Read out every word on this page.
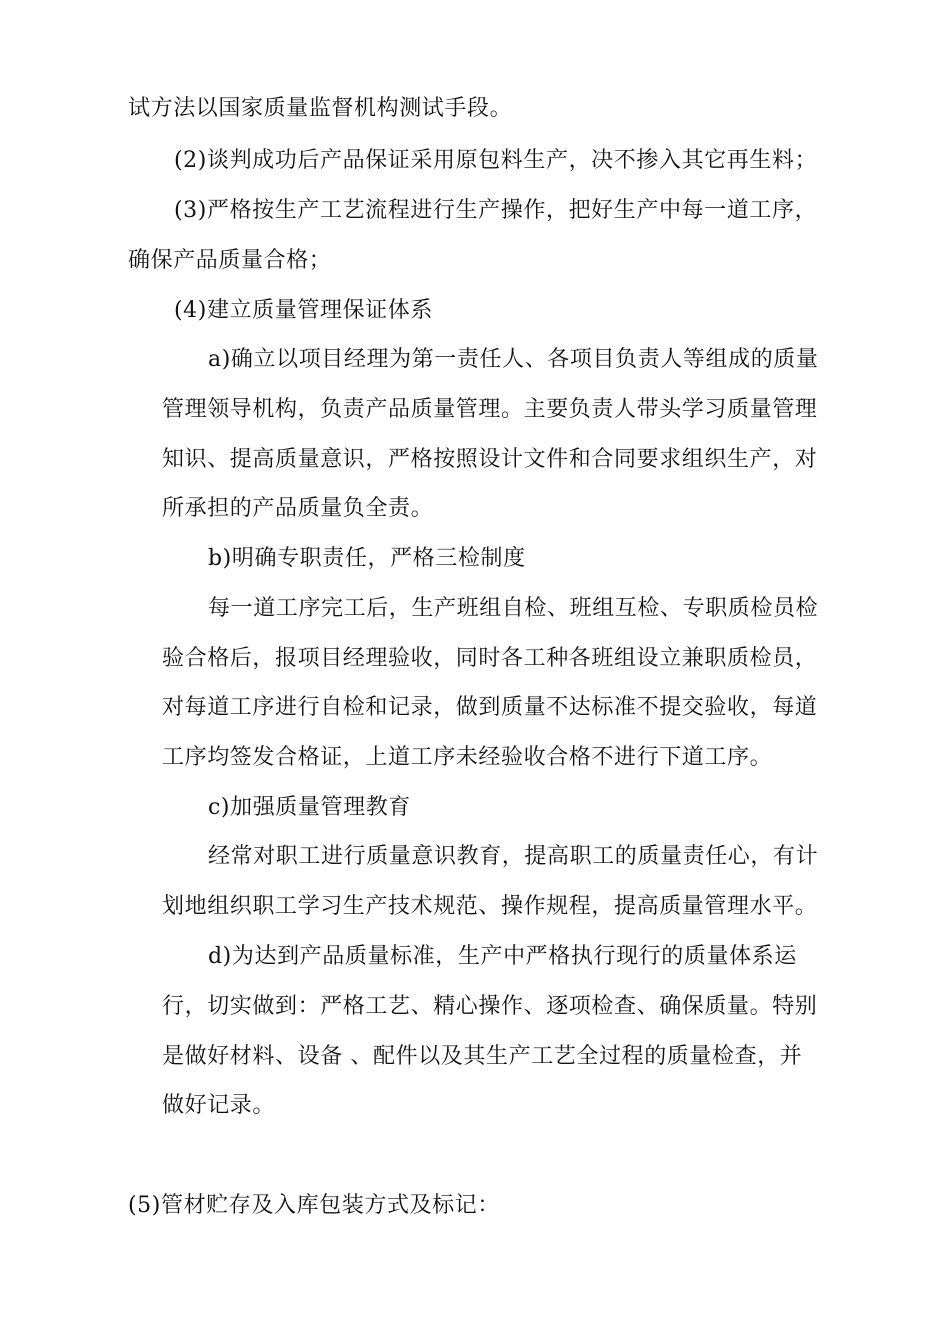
试方法以国家质量监督机构测试手段。
(2)谈判成功后产品保证采用原包料生产，决不掺入其它再生料；
(3)严格按生产工艺流程进行生产操作，把好生产中每一道工序，
确保产品质量合格；
(4)建立质量管理保证体系
a)确立以项目经理为第一责任人、各项目负责人等组成的质量
管理领导机构，负责产品质量管理。主要负责人带头学习质量管理
知识、提高质量意识，严格按照设计文件和合同要求组织生产，对
所承担的产品质量负全责。
b)明确专职责任，严格三检制度
每一道工序完工后，生产班组自检、班组互检、专职质检员检
验合格后，报项目经理验收，同时各工种各班组设立兼职质检员，
对每道工序进行自检和记录，做到质量不达标准不提交验收，每道
工序均签发合格证，上道工序未经验收合格不进行下道工序。
c)加强质量管理教育
经常对职工进行质量意识教育，提高职工的质量责任心，有计
划地组织职工学习生产技术规范、操作规程，提高质量管理水平。
d)为达到产品质量标准，生产中严格执行现行的质量体系运
行，切实做到：严格工艺、精心操作、逐项检查、确保质量。特别
是做好材料、设备 、配件以及其生产工艺全过程的质量检查，并
做好记录。
(5)管材贮存及入库包装方式及标记：
